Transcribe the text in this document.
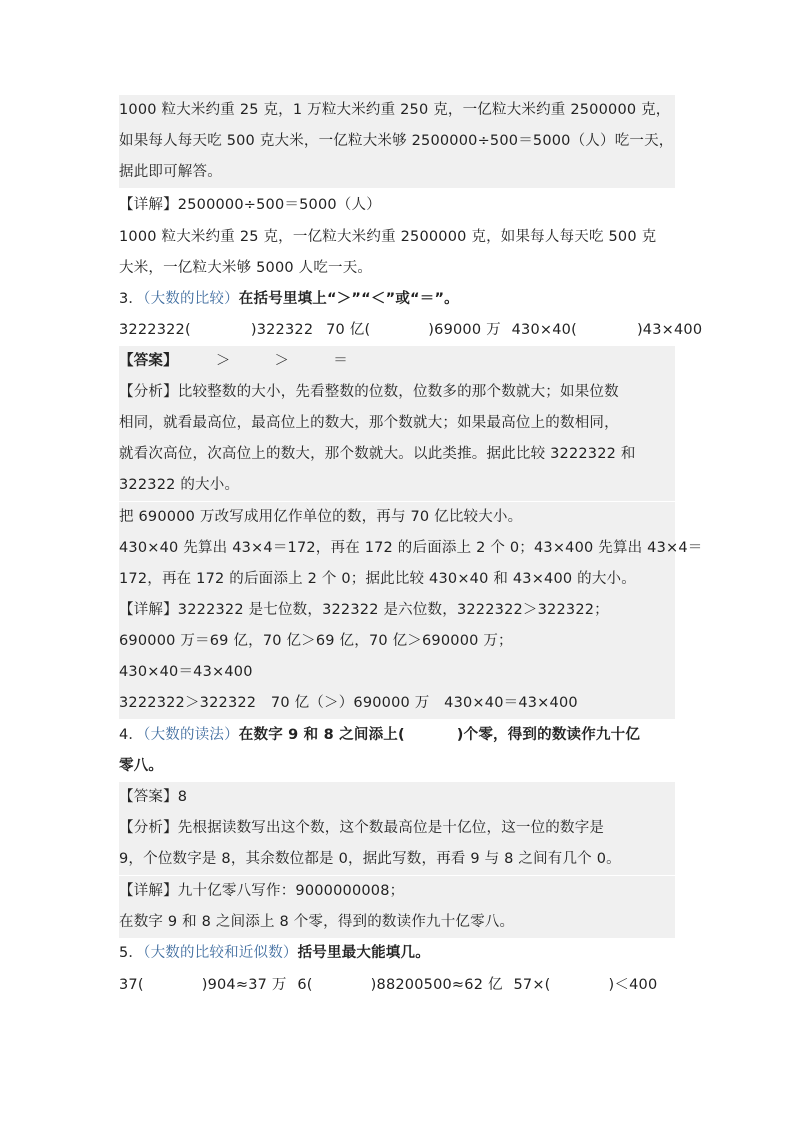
1000 粒大米约重 25 克，1 万粒大米约重 250 克，一亿粒大米约重 2500000 克，
如果每人每天吃 500 克大米，一亿粒大米够 2500000÷500＝5000（人）吃一天，
据此即可解答。
【详解】2500000÷500＝5000（人）
1000 粒大米约重 25 克，一亿粒大米约重 2500000 克，如果每人每天吃 500 克
大米，一亿粒大米够 5000 人吃一天。
3．（大数的比较）在括号里填上“＞”“＜”或“＝”。
3222322(	)322322 70 亿(	)69000 万 430×40(	)43×400
【答案】	＞	＞	＝
【分析】比较整数的大小，先看整数的位数，位数多的那个数就大；如果位数
相同，就看最高位，最高位上的数大，那个数就大；如果最高位上的数相同，
就看次高位，次高位上的数大，那个数就大。以此类推。据此比较 3222322 和
322322 的大小。
把 690000 万改写成用亿作单位的数，再与 70 亿比较大小。
430×40 先算出 43×4＝172，再在 172 的后面添上 2 个 0；43×400 先算出 43×4＝
172，再在 172 的后面添上 2 个 0；据此比较 430×40 和 43×400 的大小。
【详解】3222322 是七位数，322322 是六位数，3222322＞322322；
690000 万＝69 亿，70 亿＞69 亿，70 亿＞690000 万；
430×40＝43×400
3222322＞322322　70 亿（＞）690000 万　430×40＝43×400
4．（大数的读法）在数字 9 和 8 之间添上(	)个零，得到的数读作九十亿
零八。
【答案】8
【分析】先根据读数写出这个数，这个数最高位是十亿位，这一位的数字是
9，个位数字是 8，其余数位都是 0，据此写数，再看 9 与 8 之间有几个 0。
【详解】九十亿零八写作：9000000008；
在数字 9 和 8 之间添上 8 个零，得到的数读作九十亿零八。
5．（大数的比较和近似数）括号里最大能填几。
37(	)904≈37 万 6(	)88200500≈62 亿 57×(	)＜400
